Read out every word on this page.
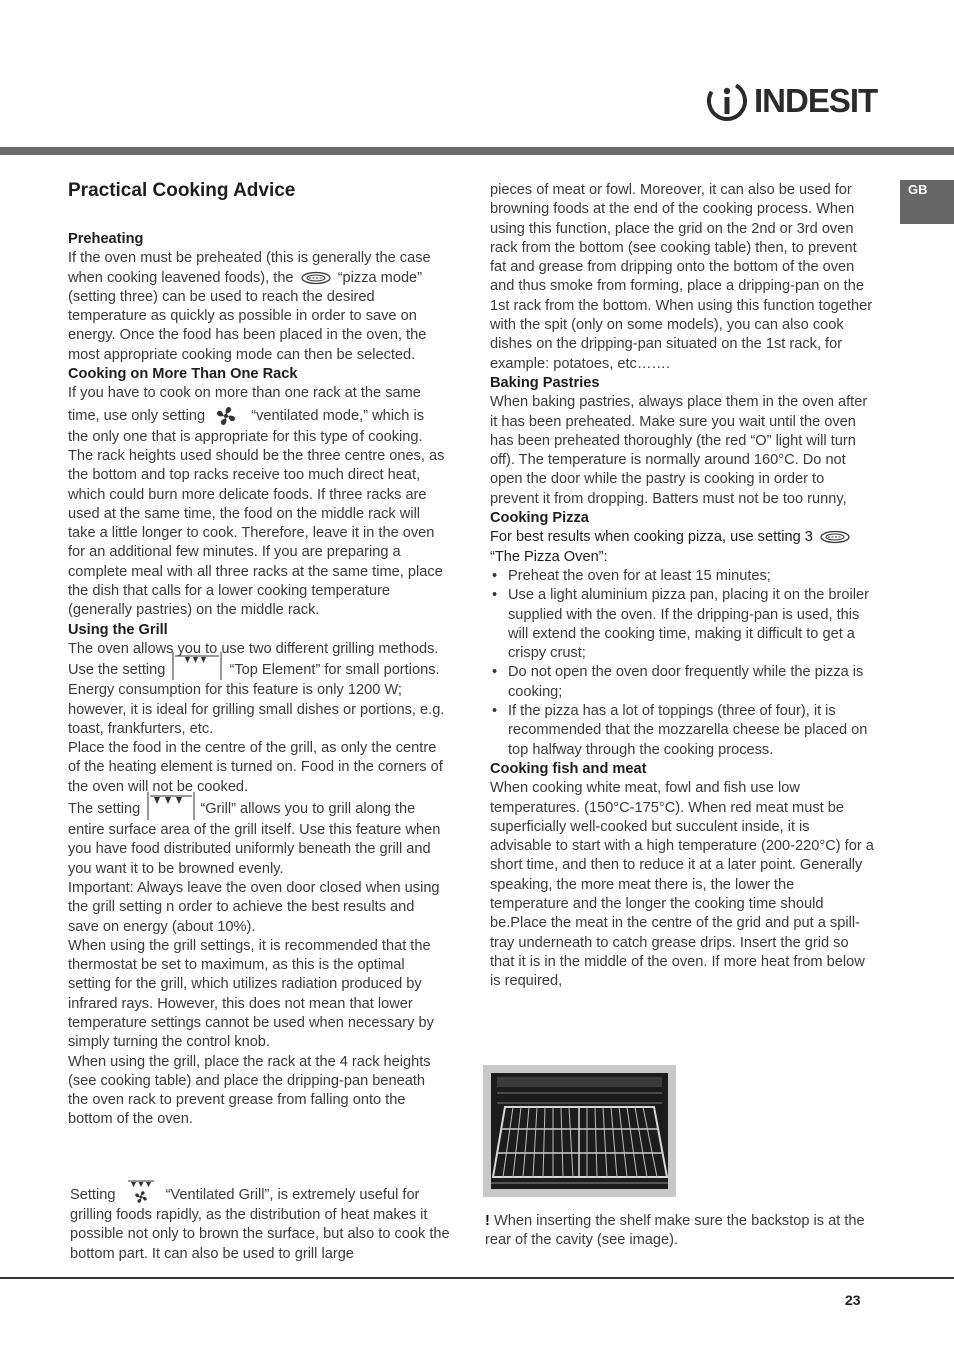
INDESIT
GB
Practical Cooking Advice
Preheating

If the oven must be preheated (this is generally the case when cooking leavened foods), the	“pizza mode” (setting three) can be used to reach the desired temperature as quickly as possible in order to save on energy. Once the food has been placed in the oven, the most appropriate cooking mode can then be selected.

Cooking on More Than One Rack

If you have to cook on more than one rack at the same time, use only setting	“ventilated mode,” which is the only one that is appropriate for this type of cooking. The rack heights used should be the three centre ones, as the bottom and top racks receive too much direct heat, which could burn more delicate foods. If three racks are used at the same time, the food on the middle rack will take a little longer to cook. Therefore, leave it in the oven for an additional few minutes. If you are preparing a complete meal with all three racks at the same time, place the dish that calls for a lower cooking temperature (generally pastries) on the middle rack.

Using the Grill

The oven allows you to use two different grilling methods.

Use the setting	“Top Element” for small portions. Energy consumption for this feature is only 1200 W; however, it is ideal for grilling small dishes or portions, e.g. toast, frankfurters, etc.

Place the food in the centre of the grill, as only the centre of the heating element is turned on. Food in the corners of the oven will not be cooked.

The setting	“Grill” allows you to grill along the entire surface area of the grill itself. Use this feature when you have food distributed uniformly beneath the grill and you want it to be browned evenly.

Important: Always leave the oven door closed when using the grill setting n order to achieve the best results and save on energy (about 10%).

When using the grill settings, it is recommended that the thermostat be set to maximum, as this is the optimal setting for the grill, which utilizes radiation produced by infrared rays. However, this does not mean that lower temperature settings cannot be used when necessary by simply turning the control knob.

When using the grill, place the rack at the 4 rack heights (see cooking table) and place the dripping-pan beneath the oven rack to prevent grease from falling onto the bottom of the oven.

Setting	“Ventilated Grill”, is extremely useful for grilling foods rapidly, as the distribution of heat makes it possible not only to brown the surface, but also to cook the bottom part. It can also be used to grill large

pieces of meat or fowl. Moreover, it can also be used for browning foods at the end of the cooking process. When using this function, place the grid on the 2nd or 3rd oven rack from the bottom (see cooking table) then, to prevent fat and grease from dripping onto the bottom of the oven and thus smoke from forming, place a dripping-pan on the 1st rack from the bottom. When using this function together with the spit (only on some models), you can also cook dishes on the dripping-pan situated on the 1st rack, for example: potatoes, etc…….

Baking Pastries

When baking pastries, always place them in the oven after it has been preheated. Make sure you wait until the oven has been preheated thoroughly (the red “O” light will turn off). The temperature is normally around 160°C. Do not open the door while the pastry is cooking in order to prevent it from dropping. Batters must not be too runny,

Cooking Pizza

For best results when cooking pizza, use setting 3  “The Pizza Oven”:

• Preheat the oven for at least 15 minutes;
• Use a light aluminium pizza pan, placing it on the broiler supplied with the oven. If the dripping-pan is used, this will extend the cooking time, making it difficult to get a crispy crust;
• Do not open the oven door frequently while the pizza is cooking;
• If the pizza has a lot of toppings (three of four), it is recommended that the mozzarella cheese be placed on top halfway through the cooking process.
Cooking fish and meat

When cooking white meat, fowl and fish use low temperatures. (150°C-175°C). When red meat must be superficially well-cooked but succulent inside, it is advisable to start with a high temperature (200-220°C) for a short time, and then to reduce it at a later point. Generally speaking, the more meat there is, the lower the temperature and the longer the cooking time should be.Place the meat in the centre of the grid and put a spill-tray underneath to catch grease drips. Insert the grid so that it is in the middle of the oven. If more heat from below is required,

! When inserting the shelf make sure the backstop is at the rear of the cavity (see image).
23
